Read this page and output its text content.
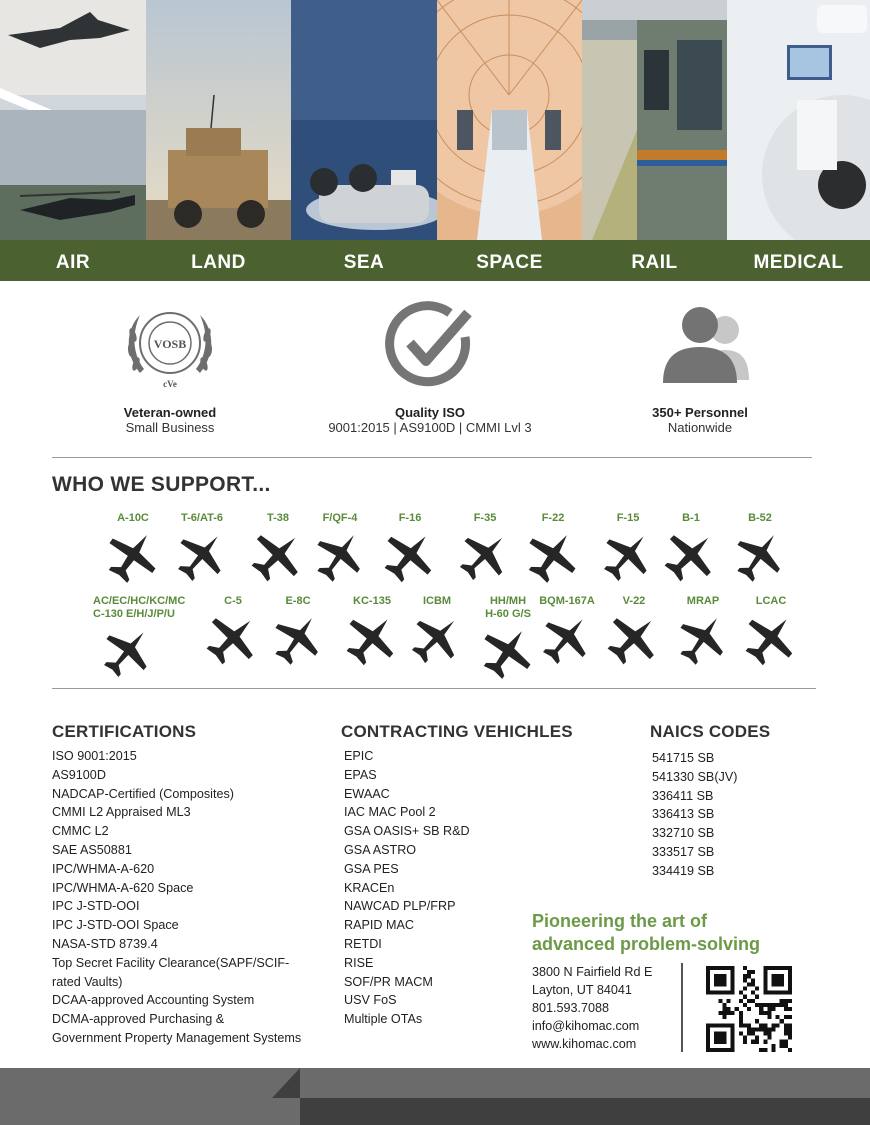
AIR	LAND	SEA	SPACE	RAIL	MEDICAL
VOSB
cVe
Veteran-owned
Small Business
Quality ISO
9001:2015 | AS9100D | CMMI Lvl 3
350+ Personnel
Nationwide
WHO WE SUPPORT...
CERTIFICATIONS
ISO 9001:2015
AS9100D
NADCAP-Certified (Composites)
CMMI L2 Appraised ML3
CMMC L2
SAE AS50881
IPC/WHMA-A-620
IPC/WHMA-A-620 Space
IPC J-STD-OOI
IPC J-STD-OOI Space
NASA-STD 8739.4
Top Secret Facility Clearance(SAPF/SCIF-
rated Vaults)
DCAA-approved Accounting System
DCMA-approved Purchasing &
Government Property Management Systems
CONTRACTING VEHICHLES
EPIC
EPAS
EWAAC
IAC MAC Pool 2
GSA OASIS+ SB R&D
GSA ASTRO
GSA PES
KRACEn
NAWCAD PLP/FRP
RAPID MAC
RETDI
RISE
SOF/PR MACM
USV FoS
Multiple OTAs
NAICS CODES
541715 SB
541330 SB(JV)
336411 SB
336413 SB
332710 SB
333517 SB
334419 SB
Pioneering the art of
advanced problem-solving
3800 N Fairfield Rd E
Layton, UT 84041
801.593.7088
info@kihomac.com
www.kihomac.com
A-10C	T-6/AT-6	T-38	F/QF-4	F-16	F-35	F-22	F-15	B-1	B-52
AC/EC/HC/KC/MC
C-130 E/H/J/P/U
C-5	E-8C	KC-135	ICBM	HH/MH
H-60 G/S
BQM-167A	V-22	MRAP	LCAC
